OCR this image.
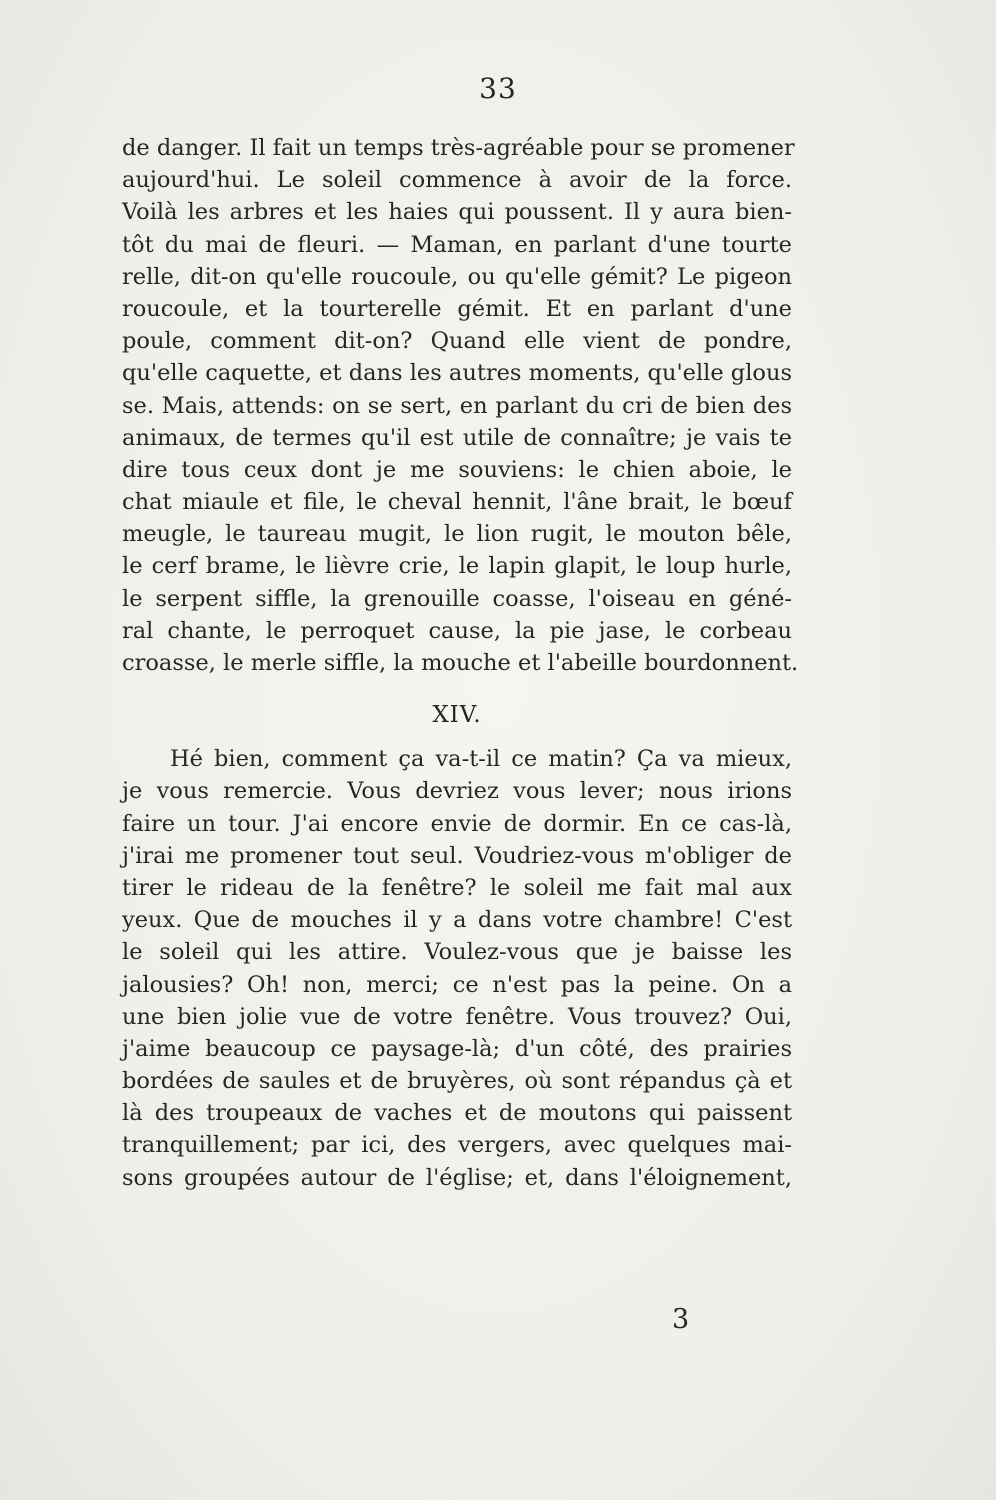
33
de danger. Il fait un temps très-agréable pour se promener
aujourd'hui. Le soleil commence à avoir de la force.
Voilà les arbres et les haies qui poussent. Il y aura bien-
tôt du mai de fleuri. — Maman, en parlant d'une tourte
relle, dit-on qu'elle roucoule, ou qu'elle gémit? Le pigeon
roucoule, et la tourterelle gémit. Et en parlant d'une
poule, comment dit-on? Quand elle vient de pondre,
qu'elle caquette, et dans les autres moments, qu'elle glous
se. Mais, attends: on se sert, en parlant du cri de bien des
animaux, de termes qu'il est utile de connaître; je vais te
dire tous ceux dont je me souviens: le chien aboie, le
chat miaule et file, le cheval hennit, l'âne brait, le bœuf
meugle, le taureau mugit, le lion rugit, le mouton bêle,
le cerf brame, le lièvre crie, le lapin glapit, le loup hurle,
le serpent siffle, la grenouille coasse, l'oiseau en géné-
ral chante, le perroquet cause, la pie jase, le corbeau
croasse, le merle siffle, la mouche et l'abeille bourdonnent.
XIV.
Hé bien, comment ça va-t-il ce matin? Ça va mieux,
je vous remercie. Vous devriez vous lever; nous irions
faire un tour. J'ai encore envie de dormir. En ce cas-là,
j'irai me promener tout seul. Voudriez-vous m'obliger de
tirer le rideau de la fenêtre? le soleil me fait mal aux
yeux. Que de mouches il y a dans votre chambre! C'est
le soleil qui les attire. Voulez-vous que je baisse les
jalousies? Oh! non, merci; ce n'est pas la peine. On a
une bien jolie vue de votre fenêtre. Vous trouvez? Oui,
j'aime beaucoup ce paysage-là; d'un côté, des prairies
bordées de saules et de bruyères, où sont répandus çà et
là des troupeaux de vaches et de moutons qui paissent
tranquillement; par ici, des vergers, avec quelques mai-
sons groupées autour de l'église; et, dans l'éloignement,
3
